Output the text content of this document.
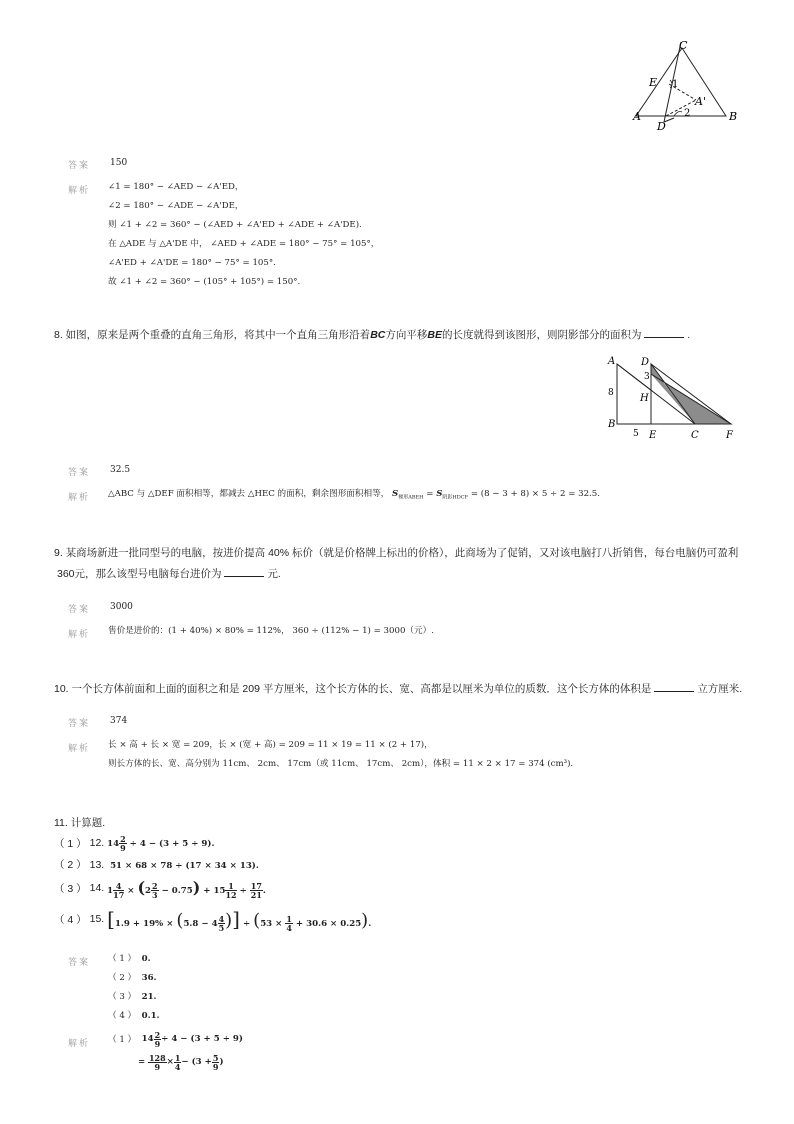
C
E 1
A'
A
D
2	B
答案 150
解析 ∠1 = 180° − ∠AED − ∠A'ED，
∠2 = 180° − ∠ADE − ∠A'DE，
则 ∠1 + ∠2 = 360° − (∠AED + ∠A'ED + ∠ADE + ∠A'DE).
在 △ADE 与 △A'DE 中， ∠AED + ∠ADE = 180° − 75° = 105°，
∠A'ED + ∠A'DE = 180° − 75° = 105°.
故 ∠1 + ∠2 = 360° − (105° + 105°) = 150°.
8. 如图，原来是两个重叠的直角三角形，将其中一个直角三角形沿着BC方向平移BE的长度就得到该图形，则阴影部分的面积为	.
A	D
3
8	H
B
5 E	C	F
答案 32.5
解析 △ABC 与 △DEF 面积相等，都减去 △HEC 的面积，剩余图形面积相等， $S_{梯形ABEH} = S_{阴影HDCF} = (8 - 3 + 8) \times 5 \div 2 = 32.5$.
9. 某商场新进一批同型号的电脑，按进价提高 40% 标价（就是价格牌上标出的价格），此商场为了促销，又对该电脑打八折销售，每台电脑仍可盈利
360元，那么该型号电脑每台进价为	元.
答案 3000
解析 售价是进价的：(1 + 40%) × 80% = 112%， 360 ÷ (112% − 1) = 3000（元）.
10. 一个长方体前面和上面的面积之和是 209 平方厘米，这个长方体的长、宽、高都是以厘米为单位的质数．这个长方体的体积是	立方厘米.
答案 374
解析 长 × 高 + 长 × 宽 = 209，长 × (宽 + 高) = 209 = 11 × 19 = 11 × (2 + 17)，
则长方体的长、宽、高分别为 11cm、 2cm、 17cm（或 11cm、 17cm、 2cm），体积 = 11 × 2 × 17 = 374 (cm³).
11. 计算题.
（ 1 ）
12.
$14 \frac{2}{9} \div 4 - (3 + 5 \div 9)$.
（ 2 ） 13. 51 × 68 × 78 ÷ (17 × 34 × 13).
（ 3 ）
14.
$1 \frac{4}{17} \times (2 \frac{2}{3} - 0.75) + 15 \frac{1}{12} \div \frac{17}{21}$ .
（ 4 ）
15.
[$1.9 + 19\% \times (5.8 - 4 \frac{4}{5}$ )] ÷ $(53 \times \frac{1}{4} + 30.6 \times 0.25)$.
答案 （ 1 ） 0.
（ 2 ） 36.
（ 3 ） 21.
（ 4 ） 0.1.
解析 （ 1 ）
$14 \frac{2}{9} \div 4 - (3 + 5 \div 9)$
=
$\frac{128}{9} \times \frac{1}{4} - (3 + \frac{5}{9}$ )
